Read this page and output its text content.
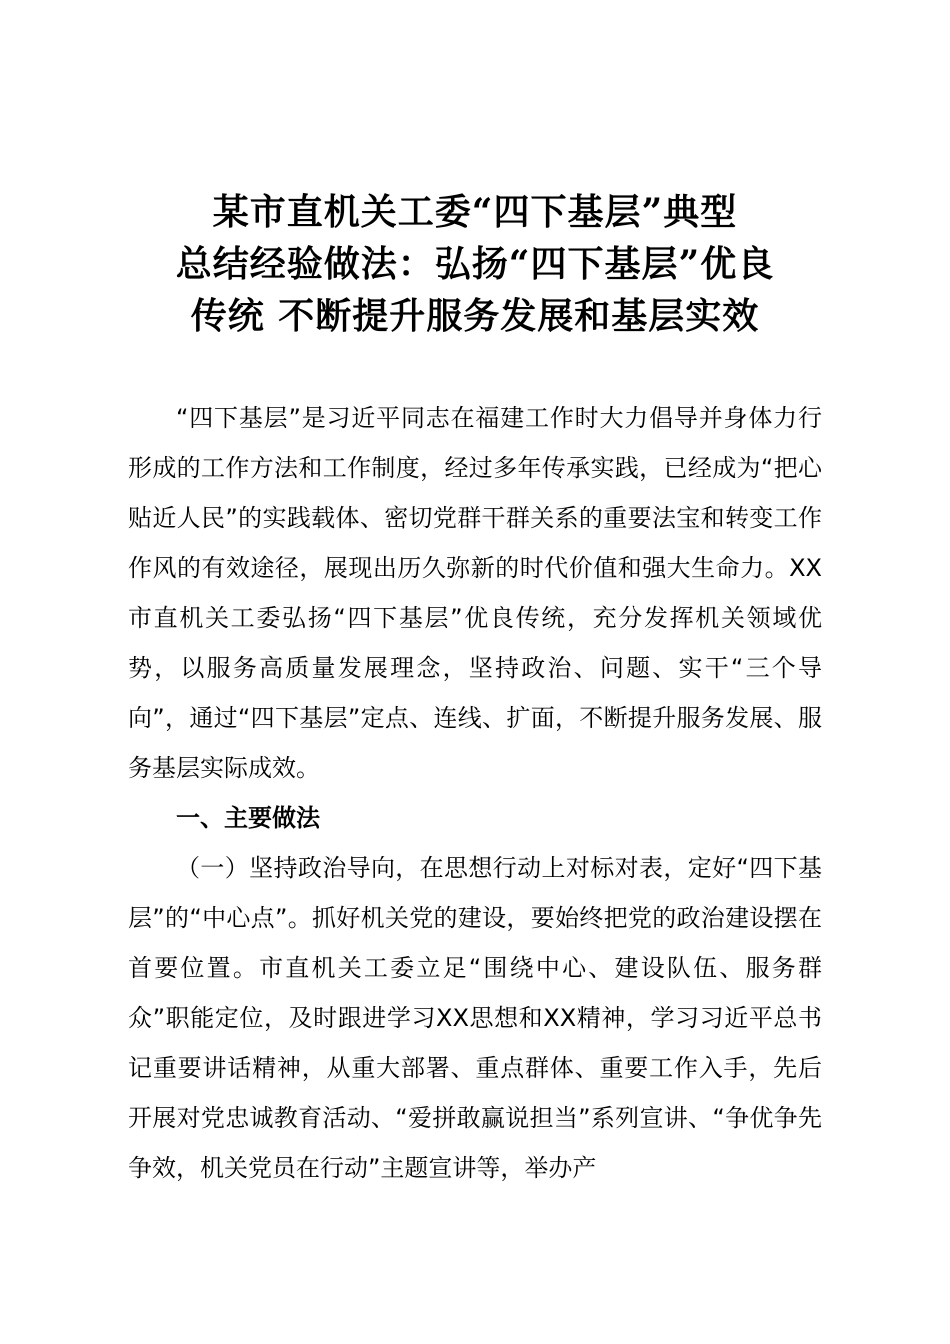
某市直机关工委“四下基层”典型
总结经验做法：弘扬“四下基层”优良
传统 不断提升服务发展和基层实效

“四下基层”是习近平同志在福建工作时大力倡导并身体力行形成的工作方法和工作制度，经过多年传承实践，已经成为“把心贴近人民”的实践载体、密切党群干群关系的重要法宝和转变工作作风的有效途径，展现出历久弥新的时代价值和强大生命力。XX市直机关工委弘扬“四下基层”优良传统，充分发挥机关领域优势，以服务高质量发展理念，坚持政治、问题、实干“三个导向”，通过“四下基层”定点、连线、扩面，不断提升服务发展、服务基层实际成效。

一、主要做法

（一）坚持政治导向，在思想行动上对标对表，定好“四下基层”的“中心点”。抓好机关党的建设，要始终把党的政治建设摆在首要位置。市直机关工委立足“围绕中心、建设队伍、服务群众”职能定位，及时跟进学习XX思想和XX精神，学习习近平总书记重要讲话精神，从重大部署、重点群体、重要工作入手，先后开展对党忠诚教育活动、“爱拼敢赢说担当”系列宣讲、“争优争先争效，机关党员在行动”主题宣讲等，举办产
